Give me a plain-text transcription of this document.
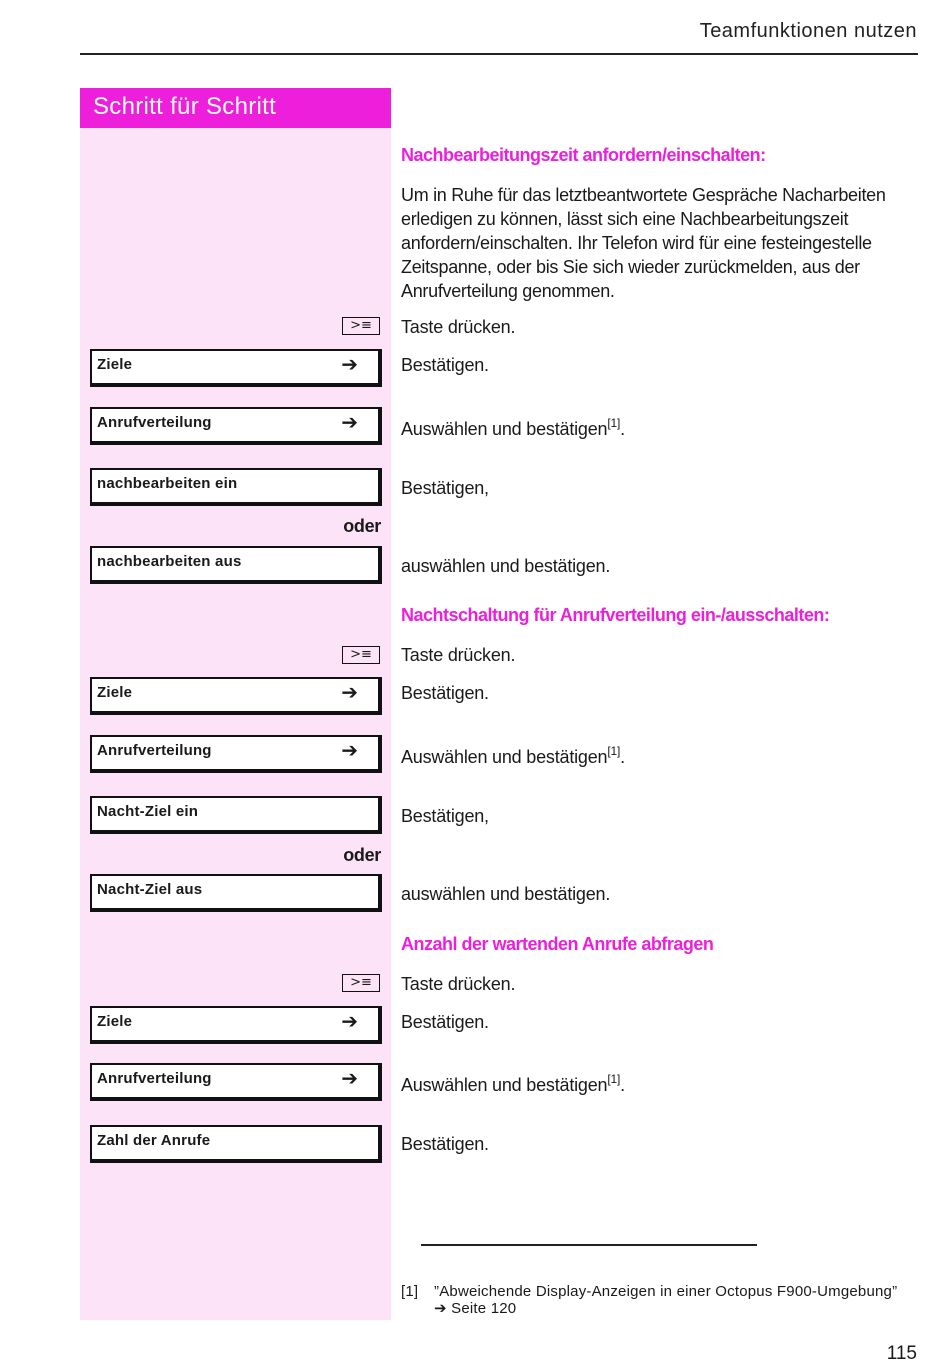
Teamfunktionen nutzen
Schritt für Schritt
Nachbearbeitungszeit anfordern/einschalten:

Um in Ruhe für das letztbeantwortete Gespräche Nacharbeiten erledigen zu können, lässt sich eine Nachbearbeitungszeit anfordern/einschalten. Ihr Telefon wird für eine festeingestelle Zeitspanne, oder bis Sie sich wieder zurückmelden, aus der Anrufverteilung genommen.

>≡	Taste drücken.
Ziele	➔ Bestätigen.
Anrufverteilung	➔ Auswählen und bestätigen[1].
nachbearbeiten ein	Bestätigen,
oder
nachbearbeiten aus	auswählen und bestätigen.
Nachtschaltung für Anrufverteilung ein-/ausschalten:
>≡	Taste drücken.
Ziele	➔ Bestätigen.
Anrufverteilung	➔ Auswählen und bestätigen[1].
Nacht-Ziel ein	Bestätigen,
oder
Nacht-Ziel aus	auswählen und bestätigen.
Anzahl der wartenden Anrufe abfragen
>≡	Taste drücken.
Ziele	➔ Bestätigen.
Anrufverteilung	➔ Auswählen und bestätigen[1].
Zahl der Anrufe	Bestätigen.
[1] ”Abweichende Display-Anzeigen in einer Octopus F900-Umgebung” ➔ Seite 120
115
